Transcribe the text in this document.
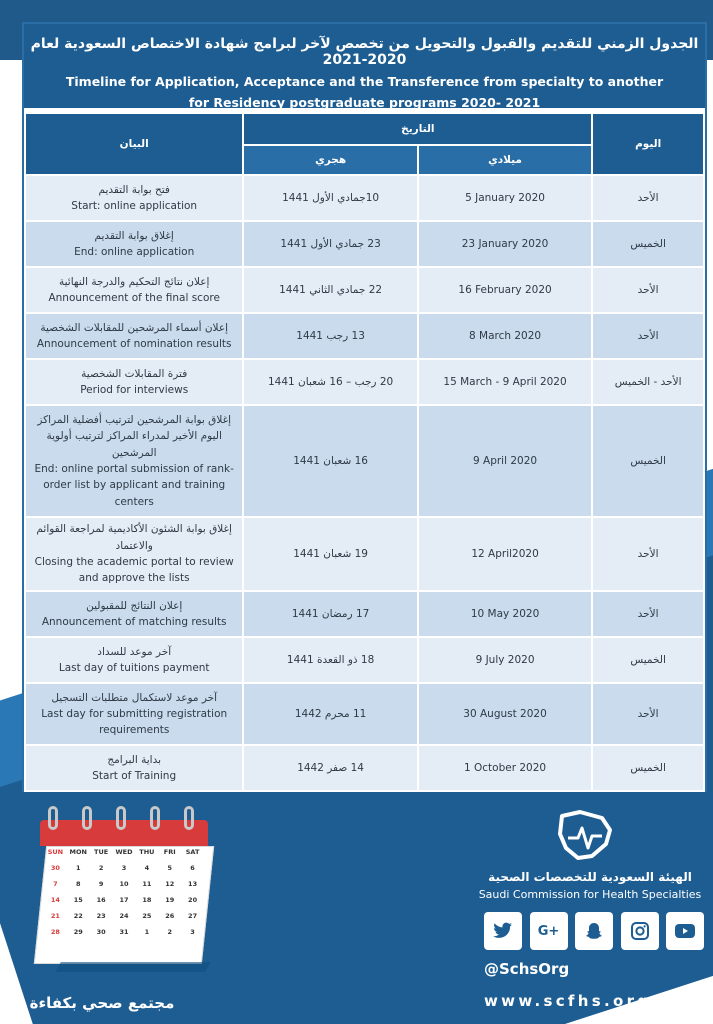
الجدول الزمني للتقديم والقبول والتحويل من تخصص لآخر لبرامج شهادة الاختصاص السعودية لعام 2020-2021
Timeline for Application, Acceptance and the Transference from specialty to another
for Residency postgraduate programs 2020- 2021
البيان	التاريخ		اليوم
	هجري	ميلادي	

فتح بوابة التقديم
Start: online application	10جمادي الأول 1441	5 January 2020	الأحد

إغلاق بوابة التقديم
End: online application	23 جمادي الأول 1441	23 January 2020	الخميس

إعلان نتائج التحكيم والدرجة النهائية
Announcement of the final score	22 جمادي الثاني 1441	16 February 2020	الأحد

إعلان أسماء المرشحين للمقابلات الشخصية
Announcement of nomination results	13 رجب 1441	8 March 2020	الأحد

فترة المقابلات الشخصية
Period for interviews	20 رجب – 16 شعبان 1441	15 March - 9 April 2020	الأحد - الخميس

إغلاق بوابة المرشحين لترتيب أفضلية المراكز اليوم الأخير لمدراء المراكز لترتيب أولوية المرشحين
End: online portal submission of rank-order list by applicant and training centers	16 شعبان 1441	9 April 2020	الخميس

إغلاق بوابة الشئون الأكاديمية لمراجعة القوائم والاعتماد
Closing the academic portal to review and approve the lists	19 شعبان 1441	12 April2020	الأحد

إعلان النتائج للمقبولين
Announcement of matching results	17 رمضان 1441	10 May 2020	الأحد

آخر موعد للسداد
Last day of tuitions payment	18 ذو القعدة 1441	9 July 2020	الخميس

آخر موعد لاستكمال متطلبات التسجيل
Last day for submitting registration requirements	11 محرم 1442	30 August 2020	الأحد

بداية البرامج
Start of Training	14 صفر 1442	1 October 2020	الخميس
SUN MON	TUE	WED	THU	FRI	SAT
30	1	2	3	4	5	6
7	8	9	10	11	12	13
14	15	16	17	18	19	20
21	22	23	24	25	26	27
28	29	30	31	1	2	3
مجتمع صحي بكفاءة
الهيئة السعودية للتخصصات الصحية
Saudi Commission for Health Specialties
G+
@SchsOrg
www.scfhs.org.sa
